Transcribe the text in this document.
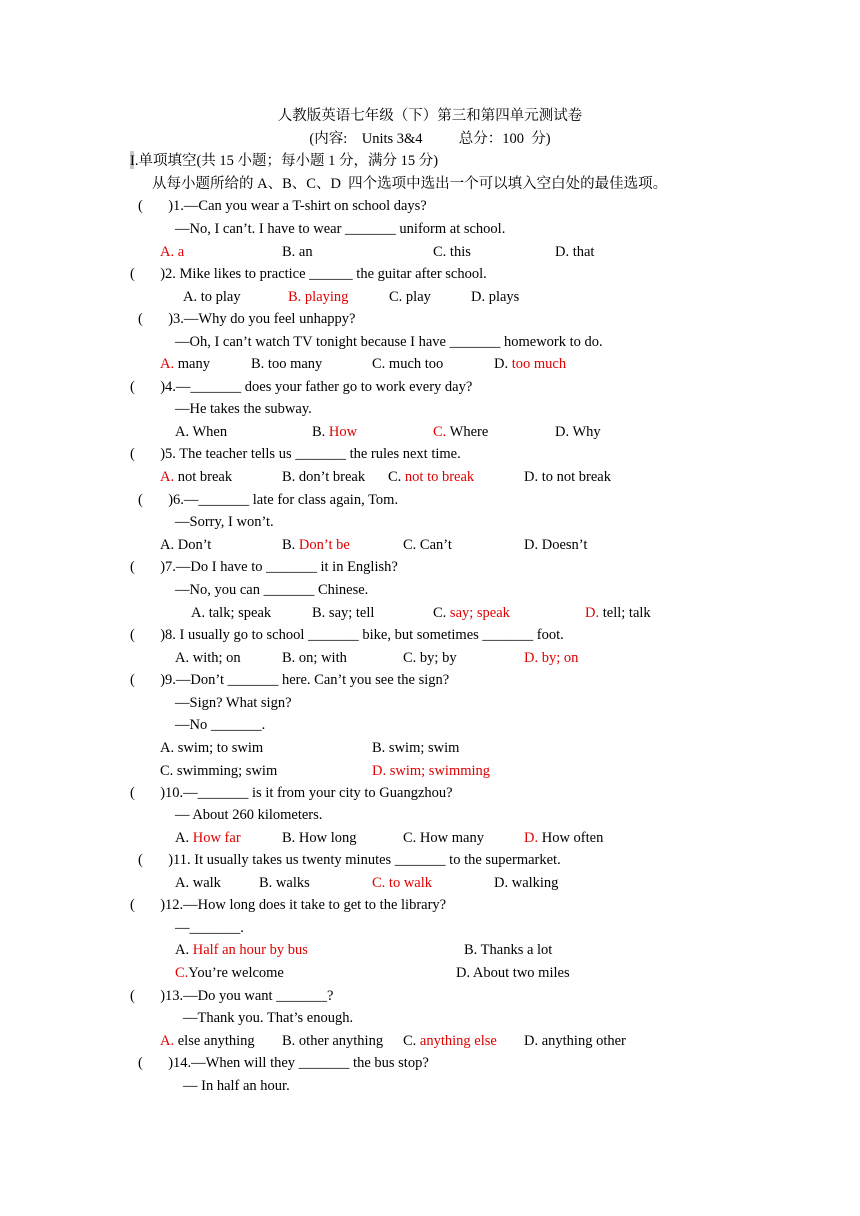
人教版英语七年级（下）第三和第四单元测试卷
(内容:    Units 3&4          总分：100  分)
I.单项填空(共 15 小题；每小题 1 分，满分 15 分)
从每小题所给的 A、B、C、D  四个选项中选出一个可以填入空白处的最佳选项。
(       )1.—Can you wear a T-shirt on school days?
—No, I can’t. I have to wear _______ uniform at school.
A. a	B. an	C. this	D. that
(       )2. Mike likes to practice ______ the guitar after school.
A. to play	B. playing	C. play	D. plays
(       )3.—Why do you feel unhappy?
—Oh, I can’t watch TV tonight because I have _______ homework to do.
A. many	B. too many	C. much too	D. too much
(       )4.—_______ does your father go to work every day?
—He takes the subway.
A. When	B. How	C. Where	D. Why
(       )5. The teacher tells us _______ the rules next time.
A. not break	B. don’t break C. not to break	D. to not break
(       )6.—_______ late for class again, Tom.
—Sorry, I won’t.
A. Don’t	B. Don’t be	C. Can’t	D. Doesn’t
(       )7.—Do I have to _______ it in English?
—No, you can _______ Chinese.
A. talk; speak	B. say; tell	C. say; speak	D. tell; talk
(       )8. I usually go to school _______ bike, but sometimes _______ foot.
A. with; on	B. on; with	C. by; by	D. by; on
(       )9.—Don’t _______ here. Can’t you see the sign?
—Sign? What sign?
—No _______.
A. swim; to swim	B. swim; swim
C. swimming; swim	D. swim; swimming
(       )10.—_______ is it from your city to Guangzhou?
— About 260 kilometers.
A. How far	B. How long	C. How many	D. How often
(       )11. It usually takes us twenty minutes _______ to the supermarket.
A. walk	B. walks	C. to walk	D. walking
(       )12.—How long does it take to get to the library?
—_______.
A. Half an hour by bus	B. Thanks a lot
C.You’re welcome	D. About two miles
(       )13.—Do you want _______?
—Thank you. That’s enough.
A. else anything B. other anything C. anything else D. anything other
(       )14.—When will they _______ the bus stop?
— In half an hour.
